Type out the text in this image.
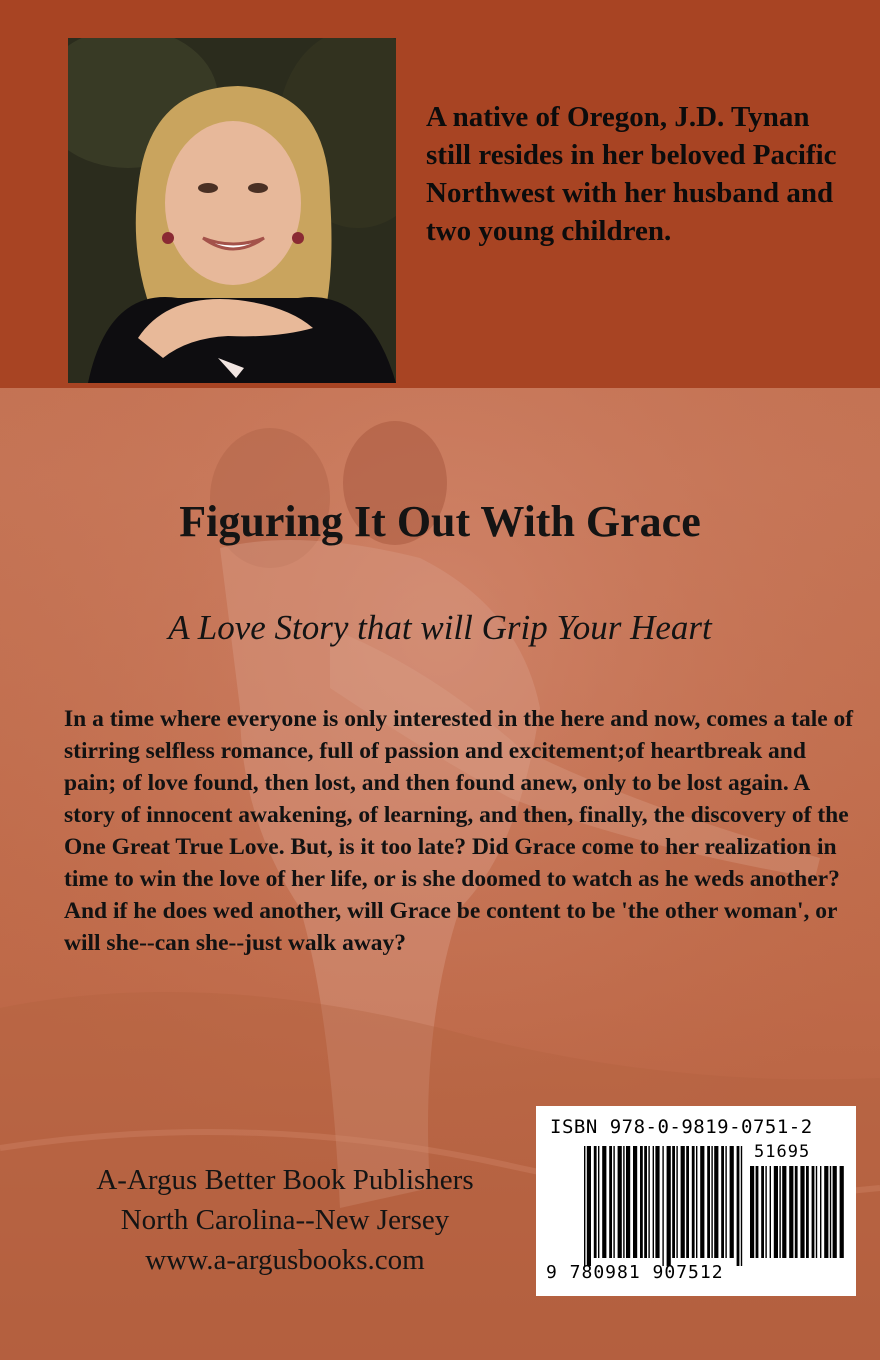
A native of Oregon, J.D. Tynan still resides in her beloved Pacific Northwest with her husband and two young children.

Figuring It Out With Grace

A Love Story that will Grip Your Heart

In a time where everyone is only interested in the here and now, comes a tale of stirring selfless romance, full of passion and excitement;of heartbreak and pain; of love found, then lost, and then found anew, only to be lost again. A story of innocent awakening, of learning, and then, finally, the discovery of the One Great True Love. But, is it too late? Did Grace come to her realization in time to win the love of her life, or is she doomed to watch as he weds another? And if he does wed another, will Grace be content to be 'the other woman', or will she--can she--just walk away?

A-Argus Better Book Publishers
North Carolina--New Jersey
www.a-argusbooks.com
ISBN 978-0-9819-0751-2
51695
9 780981 907512
